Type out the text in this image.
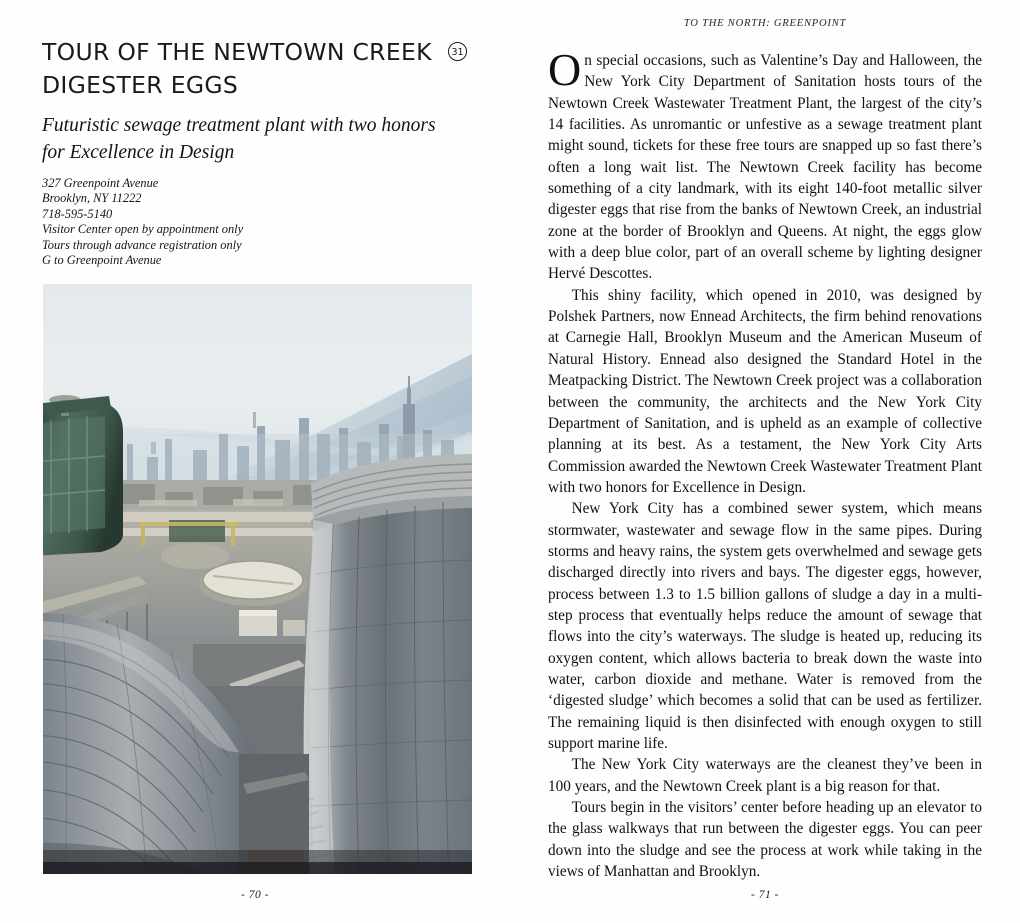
TOUR OF THE NEWTOWN CREEK DIGESTER EGGS
31
Futuristic sewage treatment plant with two honors for Excellence in Design
327 Greenpoint Avenue
Brooklyn, NY 11222
718-595-5140
Visitor Center open by appointment only
Tours through advance registration only
G to Greenpoint Avenue
- 70 -
TO THE NORTH: GREENPOINT

On special occasions, such as Valentine’s Day and Halloween, the New York City Department of Sanitation hosts tours of the Newtown Creek Wastewater Treatment Plant, the largest of the city’s 14 facilities. As unromantic or unfestive as a sewage treatment plant might sound, tickets for these free tours are snapped up so fast there’s often a long wait list. The Newtown Creek facility has become something of a city landmark, with its eight 140-foot metallic silver digester eggs that rise from the banks of Newtown Creek, an industrial zone at the border of Brooklyn and Queens. At night, the eggs glow with a deep blue color, part of an overall scheme by lighting designer Hervé Descottes.

This shiny facility, which opened in 2010, was designed by Polshek Partners, now Ennead Architects, the firm behind renovations at Carnegie Hall, Brooklyn Museum and the American Museum of Natural History. Ennead also designed the Standard Hotel in the Meatpacking District. The Newtown Creek project was a collaboration between the community, the architects and the New York City Department of Sanitation, and is upheld as an example of collective planning at its best. As a testament, the New York City Arts Commission awarded the Newtown Creek Wastewater Treatment Plant with two honors for Excellence in Design.

New York City has a combined sewer system, which means stormwater, wastewater and sewage flow in the same pipes. During storms and heavy rains, the system gets overwhelmed and sewage gets discharged directly into rivers and bays. The digester eggs, however, process between 1.3 to 1.5 billion gallons of sludge a day in a multi-step process that eventually helps reduce the amount of sewage that flows into the city’s waterways. The sludge is heated up, reducing its oxygen content, which allows bacteria to break down the waste into water, carbon dioxide and methane. Water is removed from the ‘digested sludge’ which becomes a solid that can be used as fertilizer. The remaining liquid is then disinfected with enough oxygen to still support marine life.

The New York City waterways are the cleanest they’ve been in 100 years, and the Newtown Creek plant is a big reason for that.

Tours begin in the visitors’ center before heading up an elevator to the glass walkways that run between the digester eggs. You can peer down into the sludge and see the process at work while taking in the views of Manhattan and Brooklyn.

- 71 -
